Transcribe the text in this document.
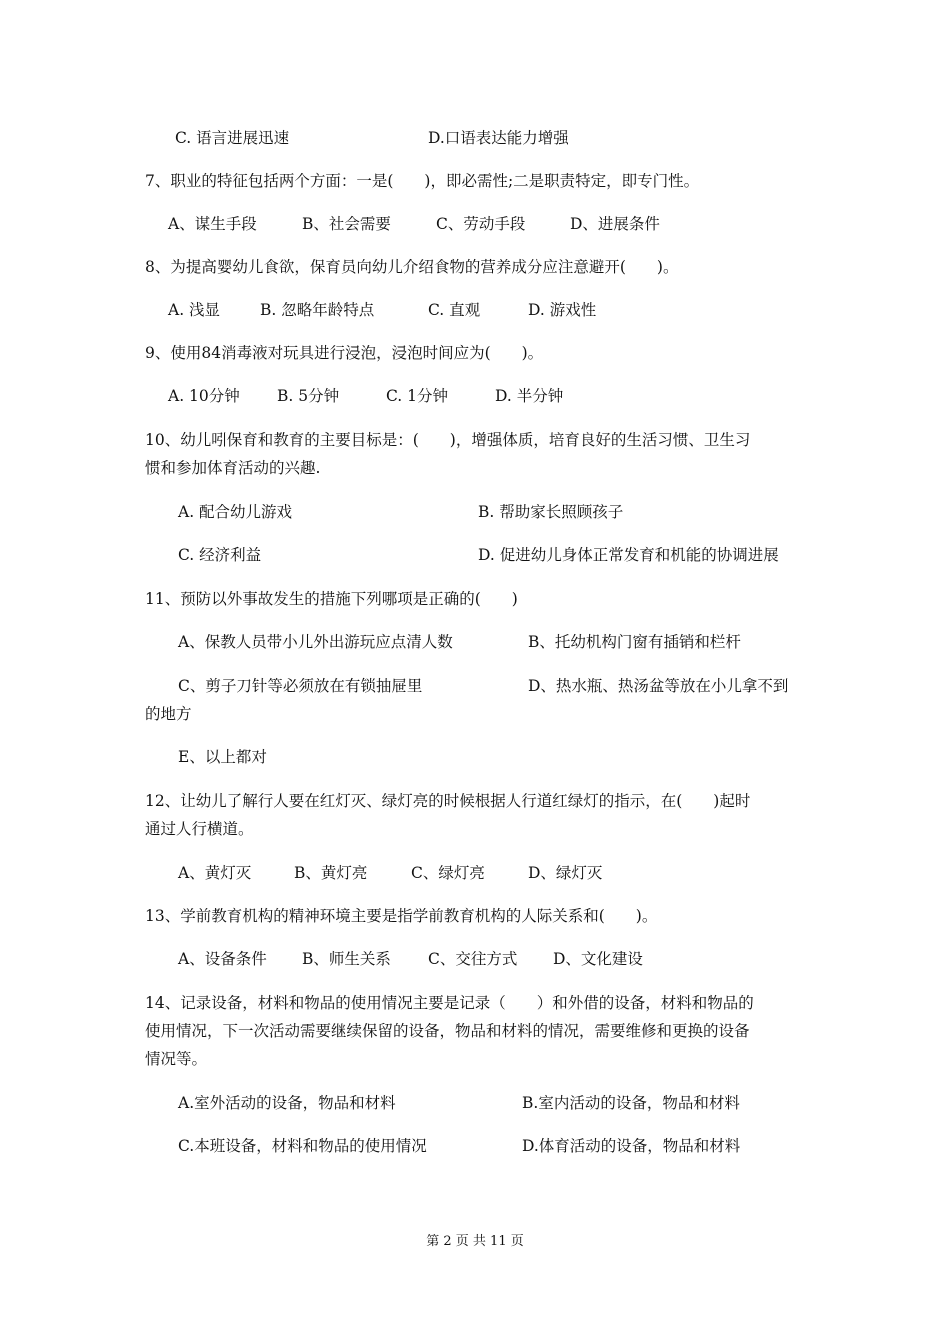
C. 语言进展迅速	D.口语表达能力增强
7、职业的特征包括两个方面：一是(　　)，即必需性;二是职责特定，即专门性。
A、谋生手段	B、社会需要	C、劳动手段	D、进展条件
8、为提高婴幼儿食欲，保育员向幼儿介绍食物的营养成分应注意避开(　　)。
A. 浅显	B. 忽略年龄特点	C. 直观	D. 游戏性
9、使用84消毒液对玩具进行浸泡，浸泡时间应为(　　)。
A. 10分钟 B. 5分钟	C. 1分钟	D. 半分钟
10、幼儿吲保育和教育的主要目标是：(　　)，增强体质，培育良好的生活习惯、卫生习
惯和参加体育活动的兴趣.
A. 配合幼儿游戏	B. 帮助家长照顾孩子
C. 经济利益	D. 促进幼儿身体正常发育和机能的协调进展
11、预防以外事故发生的措施下列哪项是正确的(　　)
A、保教人员带小儿外出游玩应点清人数	B、托幼机构门窗有插销和栏杆
C、剪子刀针等必须放在有锁抽屉里	D、热水瓶、热汤盆等放在小儿拿不到
的地方
E、以上都对
12、让幼儿了解行人要在红灯灭、绿灯亮的时候根据人行道红绿灯的指示，在(　　)起时
通过人行横道。
A、黄灯灭	B、黄灯亮	C、绿灯亮	D、绿灯灭
13、学前教育机构的精神环境主要是指学前教育机构的人际关系和(　　)。
A、设备条件 B、师生关系 C、交往方式 D、文化建设
14、记录设备，材料和物品的使用情况主要是记录（　　）和外借的设备，材料和物品的
使用情况，下一次活动需要继续保留的设备，物品和材料的情况，需要维修和更换的设备
情况等。
A.室外活动的设备，物品和材料	B.室内活动的设备，物品和材料
C.本班设备，材料和物品的使用情况	D.体育活动的设备，物品和材料
第 2 页 共 11 页
